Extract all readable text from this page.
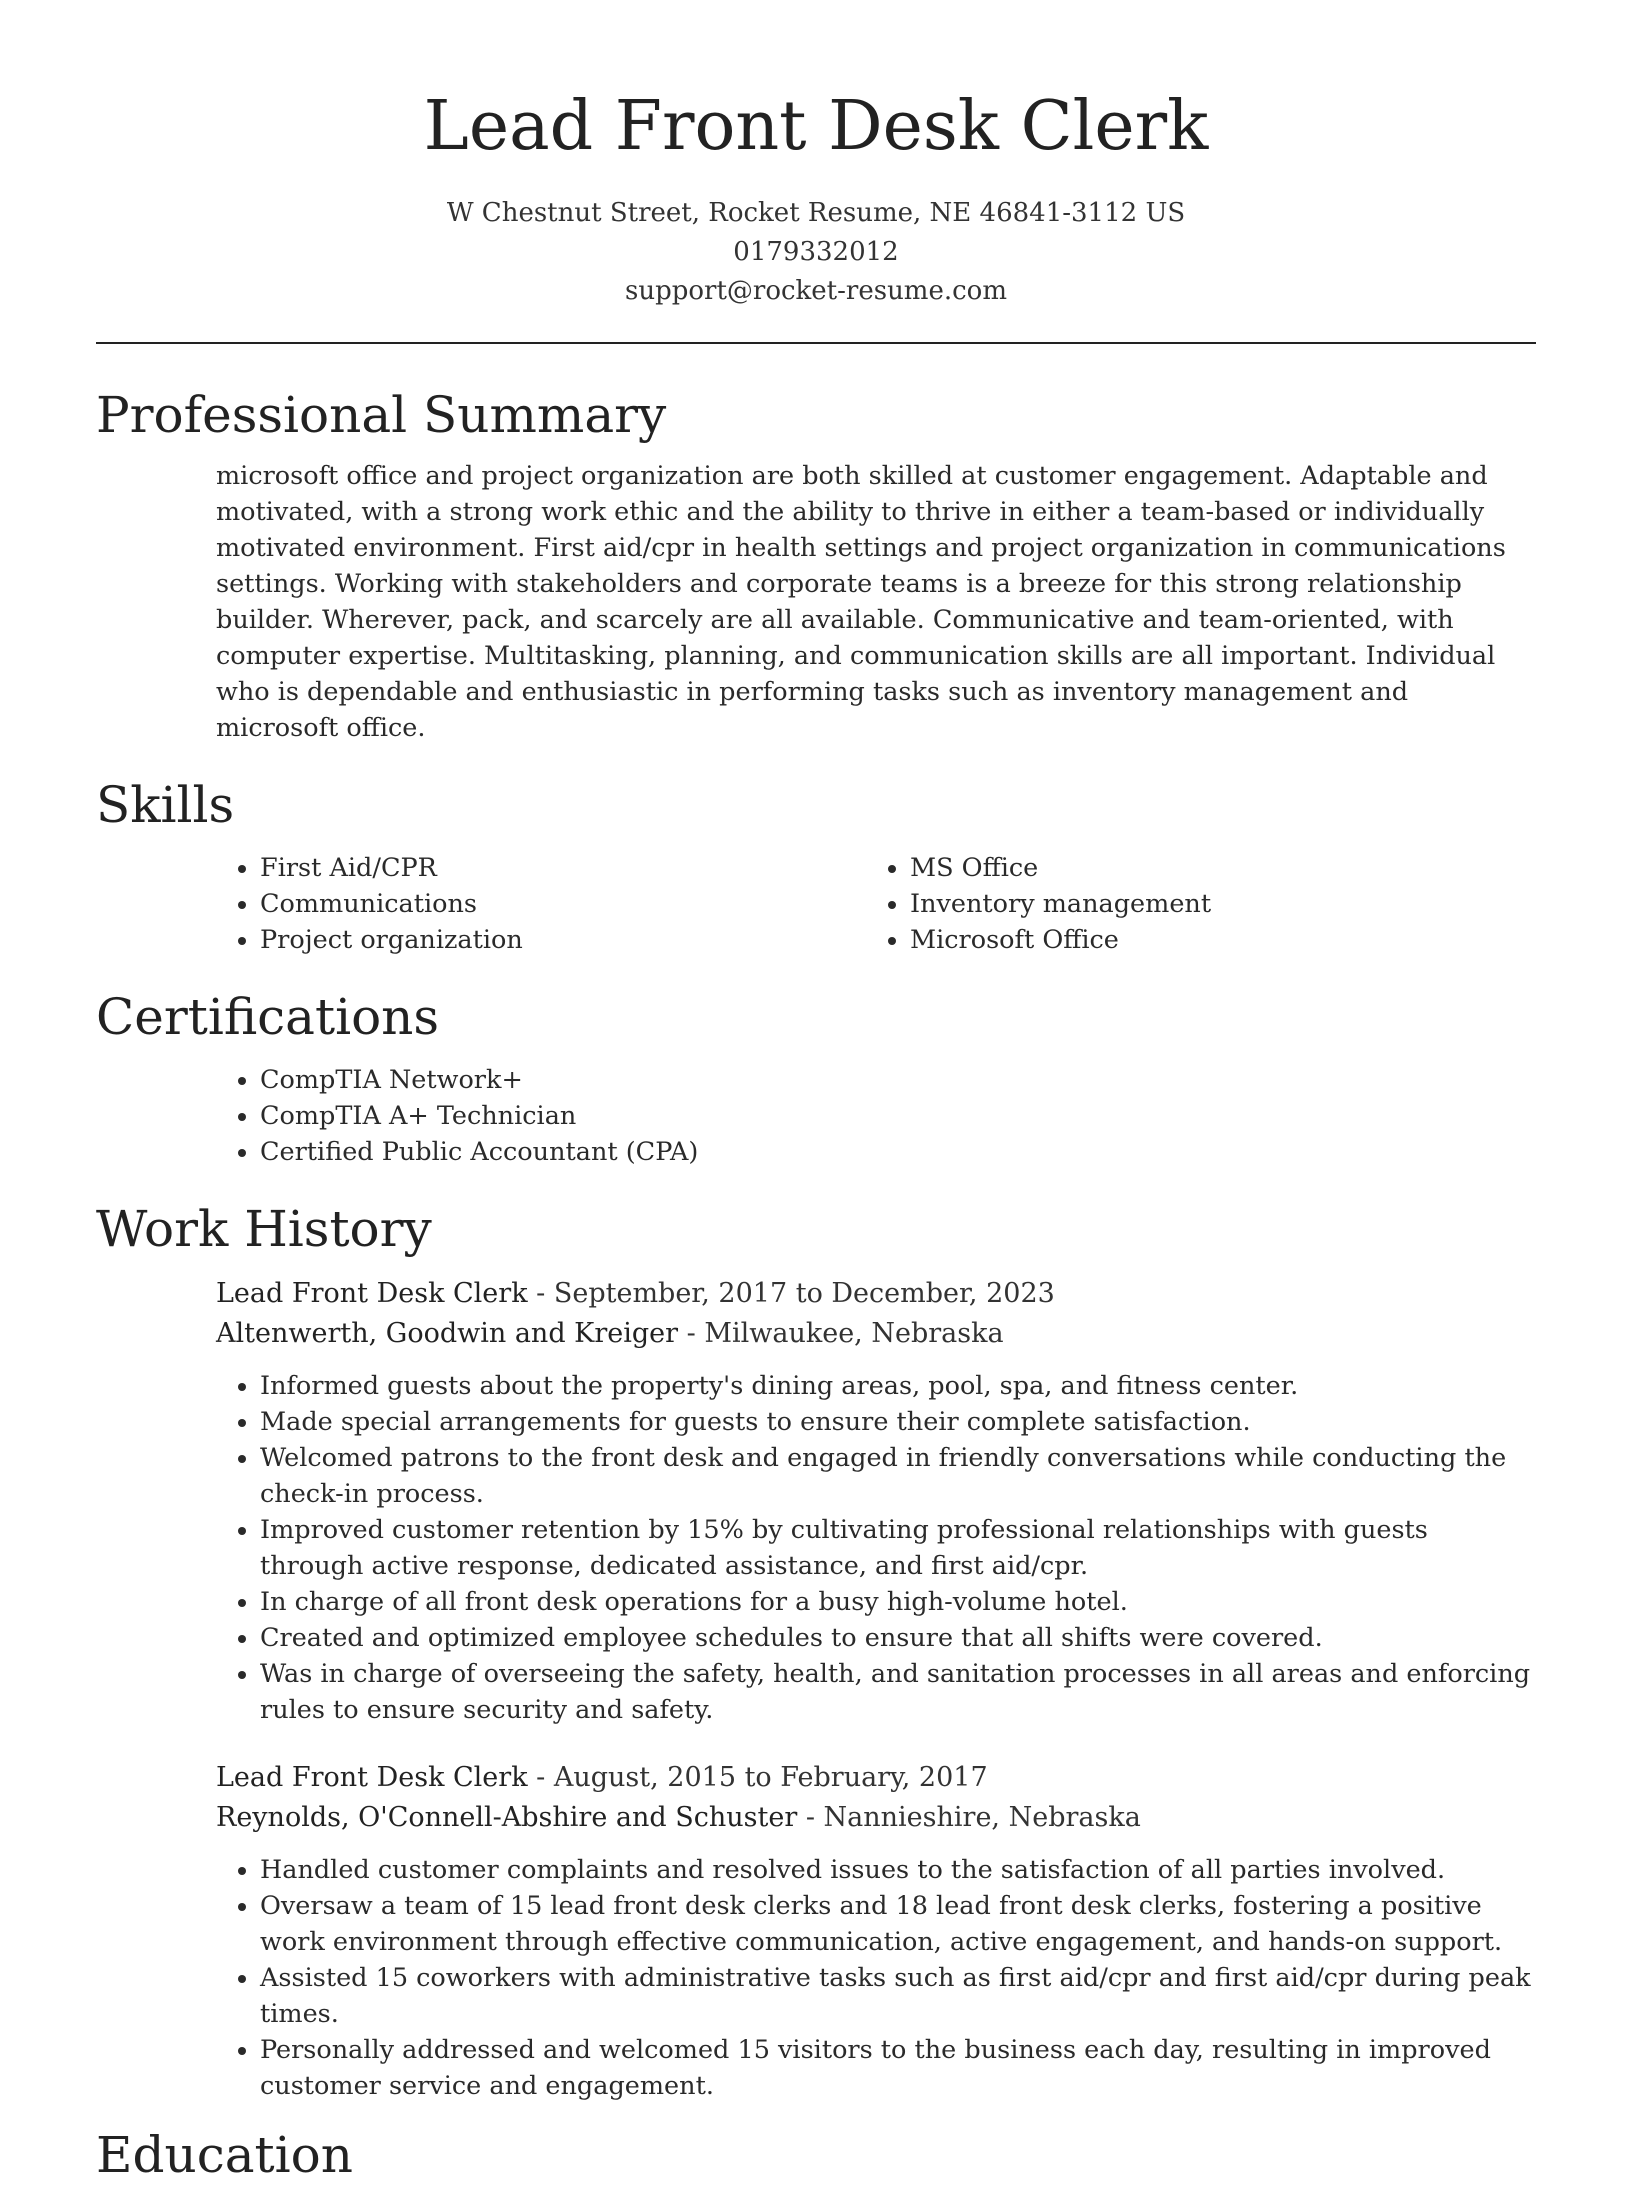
Lead Front Desk Clerk
W Chestnut Street, Rocket Resume, NE 46841-3112 US
0179332012
support@rocket-resume.com
Professional Summary

microsoft office and project organization are both skilled at customer engagement. Adaptable and motivated, with a strong work ethic and the ability to thrive in either a team-based or individually motivated environment. First aid/cpr in health settings and project organization in communications settings. Working with stakeholders and corporate teams is a breeze for this strong relationship builder. Wherever, pack, and scarcely are all available. Communicative and team-oriented, with computer expertise. Multitasking, planning, and communication skills are all important. Individual who is dependable and enthusiastic in performing tasks such as inventory management and microsoft office.

Skills
• First Aid/CPR
• Communications
• Project organization
• MS Office
• Inventory management
• Microsoft Office
Certifications
• CompTIA Network+
• CompTIA A+ Technician
• Certified Public Accountant (CPA)
Work History
Lead Front Desk Clerk - September, 2017 to December, 2023
Altenwerth, Goodwin and Kreiger - Milwaukee, Nebraska
• Informed guests about the property's dining areas, pool, spa, and fitness center.
• Made special arrangements for guests to ensure their complete satisfaction.
• Welcomed patrons to the front desk and engaged in friendly conversations while conducting the check-in process.
• Improved customer retention by 15% by cultivating professional relationships with guests through active response, dedicated assistance, and first aid/cpr.
• In charge of all front desk operations for a busy high-volume hotel.
• Created and optimized employee schedules to ensure that all shifts were covered.
• Was in charge of overseeing the safety, health, and sanitation processes in all areas and enforcing rules to ensure security and safety.
Lead Front Desk Clerk - August, 2015 to February, 2017
Reynolds, O'Connell-Abshire and Schuster - Nannieshire, Nebraska
• Handled customer complaints and resolved issues to the satisfaction of all parties involved.
• Oversaw a team of 15 lead front desk clerks and 18 lead front desk clerks, fostering a positive work environment through effective communication, active engagement, and hands-on support.
• Assisted 15 coworkers with administrative tasks such as first aid/cpr and first aid/cpr during peak times.
• Personally addressed and welcomed 15 visitors to the business each day, resulting in improved customer service and engagement.
Education
